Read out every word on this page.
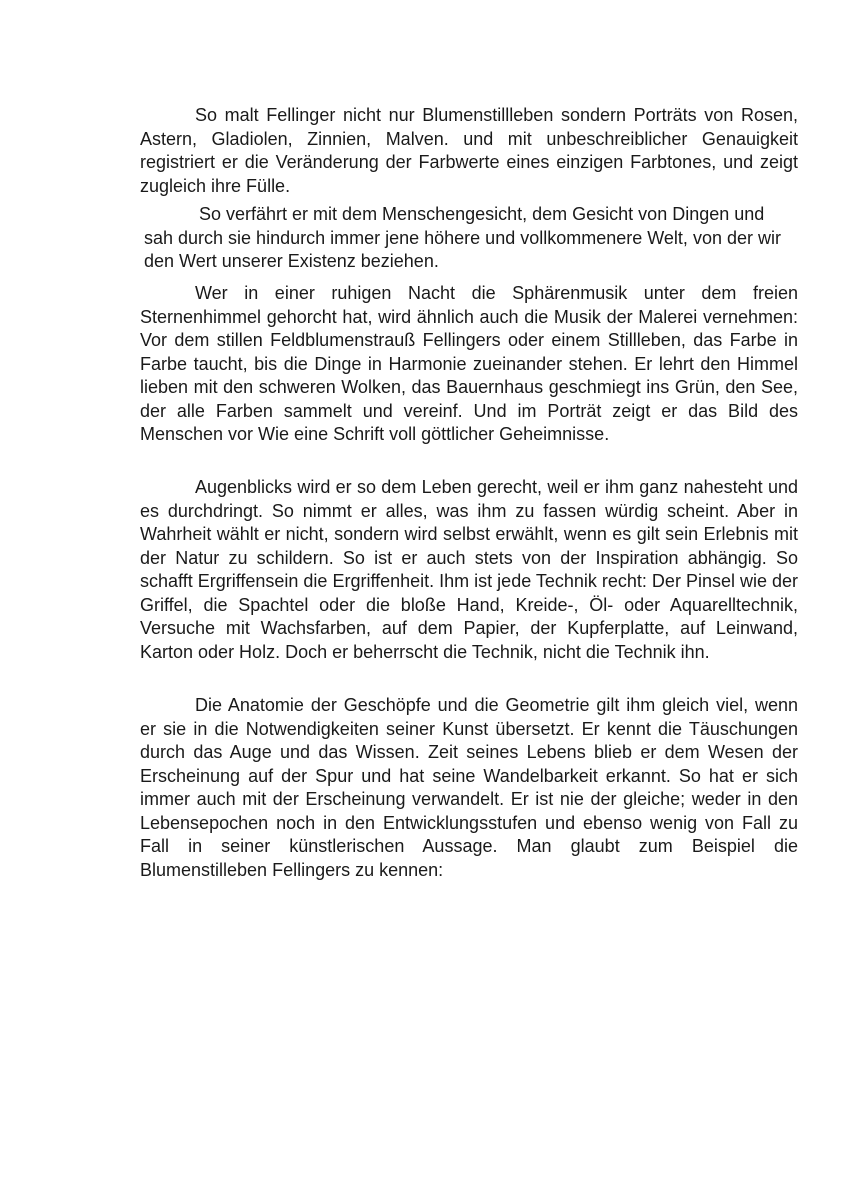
So malt Fellinger nicht nur Blumenstillleben sondern Porträts von Rosen, Astern, Gladiolen, Zinnien, Malven. und mit unbeschreiblicher Genauigkeit registriert er die Veränderung der Farbwerte eines einzigen Farbtones, und zeigt zugleich ihre Fülle.

So verfährt er mit dem Menschengesicht, dem Gesicht von Dingen und sah durch sie hindurch immer jene höhere und vollkommenere Welt, von der wir den Wert unserer Existenz beziehen.

Wer in einer ruhigen Nacht die Sphärenmusik unter dem freien Sternenhimmel gehorcht hat, wird ähnlich auch die Musik der Malerei vernehmen: Vor dem stillen Feldblumenstrauß Fellingers oder einem Stillleben, das Farbe in Farbe taucht, bis die Dinge in Harmonie zueinander stehen. Er lehrt den Himmel lieben mit den schweren Wolken, das Bauernhaus geschmiegt ins Grün, den See, der alle Farben sammelt und vereinf. Und im Porträt zeigt er das Bild des Menschen vor Wie eine Schrift voll göttlicher Geheimnisse.

Augenblicks wird er so dem Leben gerecht, weil er ihm ganz nahesteht und es durchdringt. So nimmt er alles, was ihm zu fassen würdig scheint. Aber in Wahrheit wählt er nicht, sondern wird selbst erwählt, wenn es gilt sein Erlebnis mit der Natur zu schildern. So ist er auch stets von der Inspiration abhängig. So schafft Ergriffensein die Ergriffenheit. Ihm ist jede Technik recht: Der Pinsel wie der Griffel, die Spachtel oder die bloße Hand, Kreide-, Öl- oder Aquarelltechnik, Versuche mit Wachsfarben, auf dem Papier, der Kupferplatte, auf Leinwand, Karton oder Holz. Doch er beherrscht die Technik, nicht die Technik ihn.

Die Anatomie der Geschöpfe und die Geometrie gilt ihm gleich viel, wenn er sie in die Notwendigkeiten seiner Kunst übersetzt. Er kennt die Täuschungen durch das Auge und das Wissen. Zeit seines Lebens blieb er dem Wesen der Erscheinung auf der Spur und hat seine Wandelbarkeit erkannt. So hat er sich immer auch mit der Erscheinung verwandelt. Er ist nie der gleiche; weder in den Lebensepochen noch in den Entwicklungsstufen und ebenso wenig von Fall zu Fall in seiner künstlerischen Aussage. Man glaubt zum Beispiel die Blumenstilleben Fellingers zu kennen:
